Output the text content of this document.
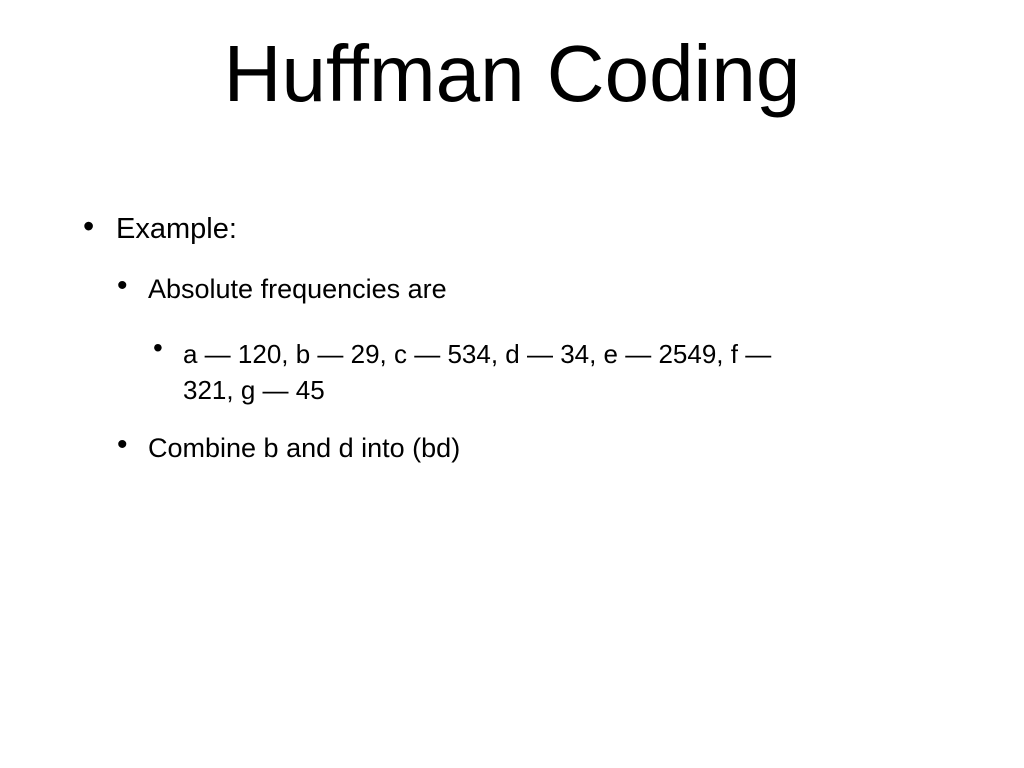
Huffman Coding
• Example:
• Absolute frequencies are
• a — 120, b — 29, c — 534, d — 34, e — 2549, f —
321, g — 45
• Combine b and d into (bd)
